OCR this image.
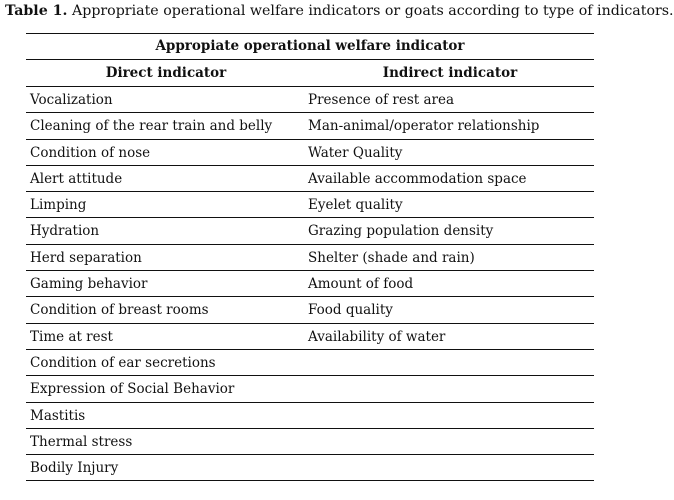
Table 1. Appropriate operational welfare indicators or goats according to type of indicators.
Appropiate operational welfare indicator
Direct indicator	Indirect indicator
Vocalization	Presence of rest area
Cleaning of the rear train and belly	Man-animal/operator relationship
Condition of nose	Water Quality
Alert attitude	Available accommodation space
Limping	Eyelet quality
Hydration	Grazing population density
Herd separation	Shelter (shade and rain)
Gaming behavior	Amount of food
Condition of breast rooms	Food quality
Time at rest	Availability of water
Condition of ear secretions
Expression of Social Behavior
Mastitis
Thermal stress
Bodily Injury
